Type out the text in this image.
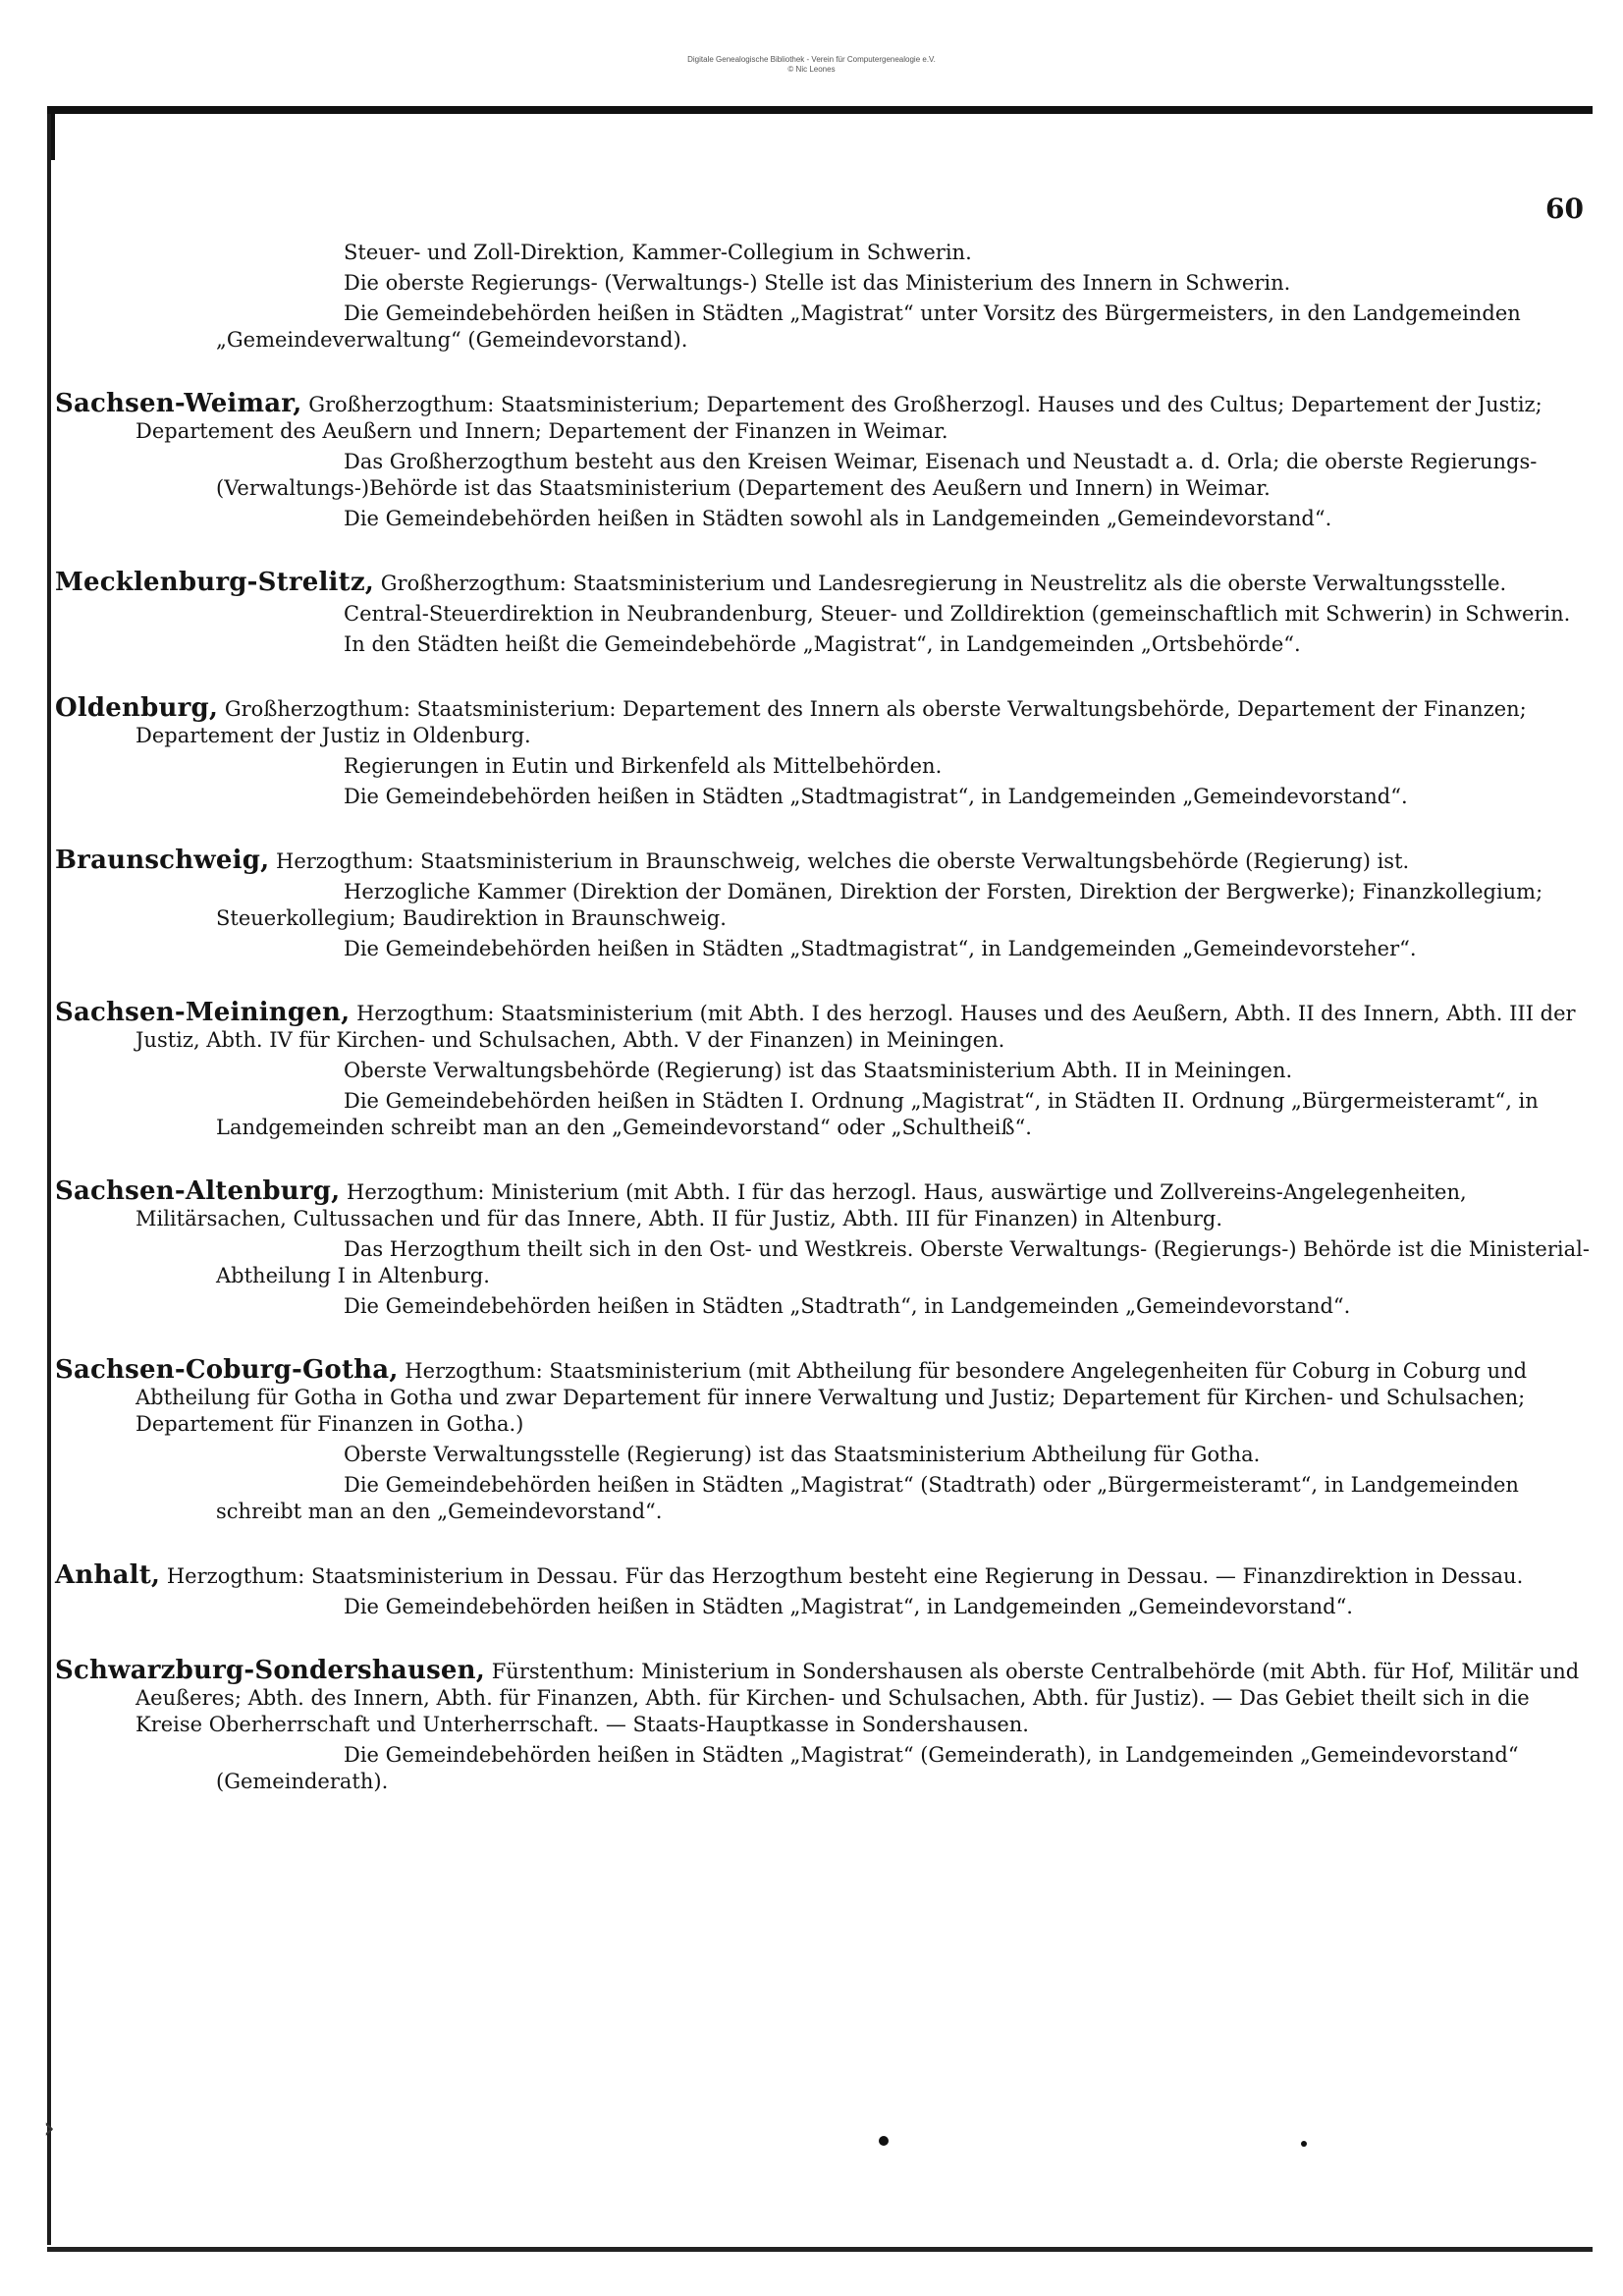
Digitale Genealogische Bibliothek - Verein für Computergenealogie e.V.
© Nic Leones
60

Steuer- und Zoll-Direktion, Kammer-Collegium in Schwerin.

Die oberste Regierungs- (Verwaltungs-) Stelle ist das Ministerium des Innern in Schwerin.

Die Gemeindebehörden heißen in Städten „Magistrat“ unter Vorsitz des Bürgermeisters, in den Landgemeinden „Gemeindeverwaltung“ (Gemeindevorstand).

Sachsen-Weimar, Großherzogthum: Staatsministerium; Departement des Großherzogl. Hauses und des Cultus; Departement der Justiz; Departement des Aeußern und Innern; Departement der Finanzen in Weimar.

Das Großherzogthum besteht aus den Kreisen Weimar, Eisenach und Neustadt a. d. Orla; die oberste Regierungs-(Verwaltungs-)Behörde ist das Staatsministerium (Departement des Aeußern und Innern) in Weimar.

Die Gemeindebehörden heißen in Städten sowohl als in Landgemeinden „Gemeindevorstand“.

Mecklenburg-Strelitz, Großherzogthum: Staatsministerium und Landesregierung in Neustrelitz als die oberste Verwaltungsstelle.

Central-Steuerdirektion in Neubrandenburg, Steuer- und Zolldirektion (gemeinschaftlich mit Schwerin) in Schwerin.

In den Städten heißt die Gemeindebehörde „Magistrat“, in Landgemeinden „Ortsbehörde“.

Oldenburg, Großherzogthum: Staatsministerium: Departement des Innern als oberste Verwaltungsbehörde, Departement der Finanzen; Departement der Justiz in Oldenburg.

Regierungen in Eutin und Birkenfeld als Mittelbehörden.

Die Gemeindebehörden heißen in Städten „Stadtmagistrat“, in Landgemeinden „Gemeindevorstand“.

Braunschweig, Herzogthum: Staatsministerium in Braunschweig, welches die oberste Verwaltungsbehörde (Regierung) ist.

Herzogliche Kammer (Direktion der Domänen, Direktion der Forsten, Direktion der Bergwerke); Finanzkollegium; Steuerkollegium; Baudirektion in Braunschweig.

Die Gemeindebehörden heißen in Städten „Stadtmagistrat“, in Landgemeinden „Gemeindevorsteher“.

Sachsen-Meiningen, Herzogthum: Staatsministerium (mit Abth. I des herzogl. Hauses und des Aeußern, Abth. II des Innern, Abth. III der Justiz, Abth. IV für Kirchen- und Schulsachen, Abth. V der Finanzen) in Meiningen.

Oberste Verwaltungsbehörde (Regierung) ist das Staatsministerium Abth. II in Meiningen.

Die Gemeindebehörden heißen in Städten I. Ordnung „Magistrat“, in Städten II. Ordnung „Bürgermeisteramt“, in Landgemeinden schreibt man an den „Gemeindevorstand“ oder „Schultheiß“.

Sachsen-Altenburg, Herzogthum: Ministerium (mit Abth. I für das herzogl. Haus, auswärtige und Zollvereins-Angelegenheiten, Militärsachen, Cultussachen und für das Innere, Abth. II für Justiz, Abth. III für Finanzen) in Altenburg.

Das Herzogthum theilt sich in den Ost- und Westkreis. Oberste Verwaltungs- (Regierungs-) Behörde ist die Ministerial-Abtheilung I in Altenburg.

Die Gemeindebehörden heißen in Städten „Stadtrath“, in Landgemeinden „Gemeindevorstand“.

Sachsen-Coburg-Gotha, Herzogthum: Staatsministerium (mit Abtheilung für besondere Angelegenheiten für Coburg in Coburg und Abtheilung für Gotha in Gotha und zwar Departement für innere Verwaltung und Justiz; Departement für Kirchen- und Schulsachen; Departement für Finanzen in Gotha.)

Oberste Verwaltungsstelle (Regierung) ist das Staatsministerium Abtheilung für Gotha.

Die Gemeindebehörden heißen in Städten „Magistrat“ (Stadtrath) oder „Bürgermeisteramt“, in Landgemeinden schreibt man an den „Gemeindevorstand“.

Anhalt, Herzogthum: Staatsministerium in Dessau. Für das Herzogthum besteht eine Regierung in Dessau. — Finanzdirektion in Dessau.

Die Gemeindebehörden heißen in Städten „Magistrat“, in Landgemeinden „Gemeindevorstand“.

Schwarzburg-Sondershausen, Fürstenthum: Ministerium in Sondershausen als oberste Centralbehörde (mit Abth. für Hof, Militär und Aeußeres; Abth. des Innern, Abth. für Finanzen, Abth. für Kirchen- und Schulsachen, Abth. für Justiz). — Das Gebiet theilt sich in die Kreise Oberherrschaft und Unterherrschaft. — Staats-Hauptkasse in Sondershausen.

Die Gemeindebehörden heißen in Städten „Magistrat“ (Gemeinderath), in Landgemeinden „Gemeindevorstand“ (Gemeinderath).

›
